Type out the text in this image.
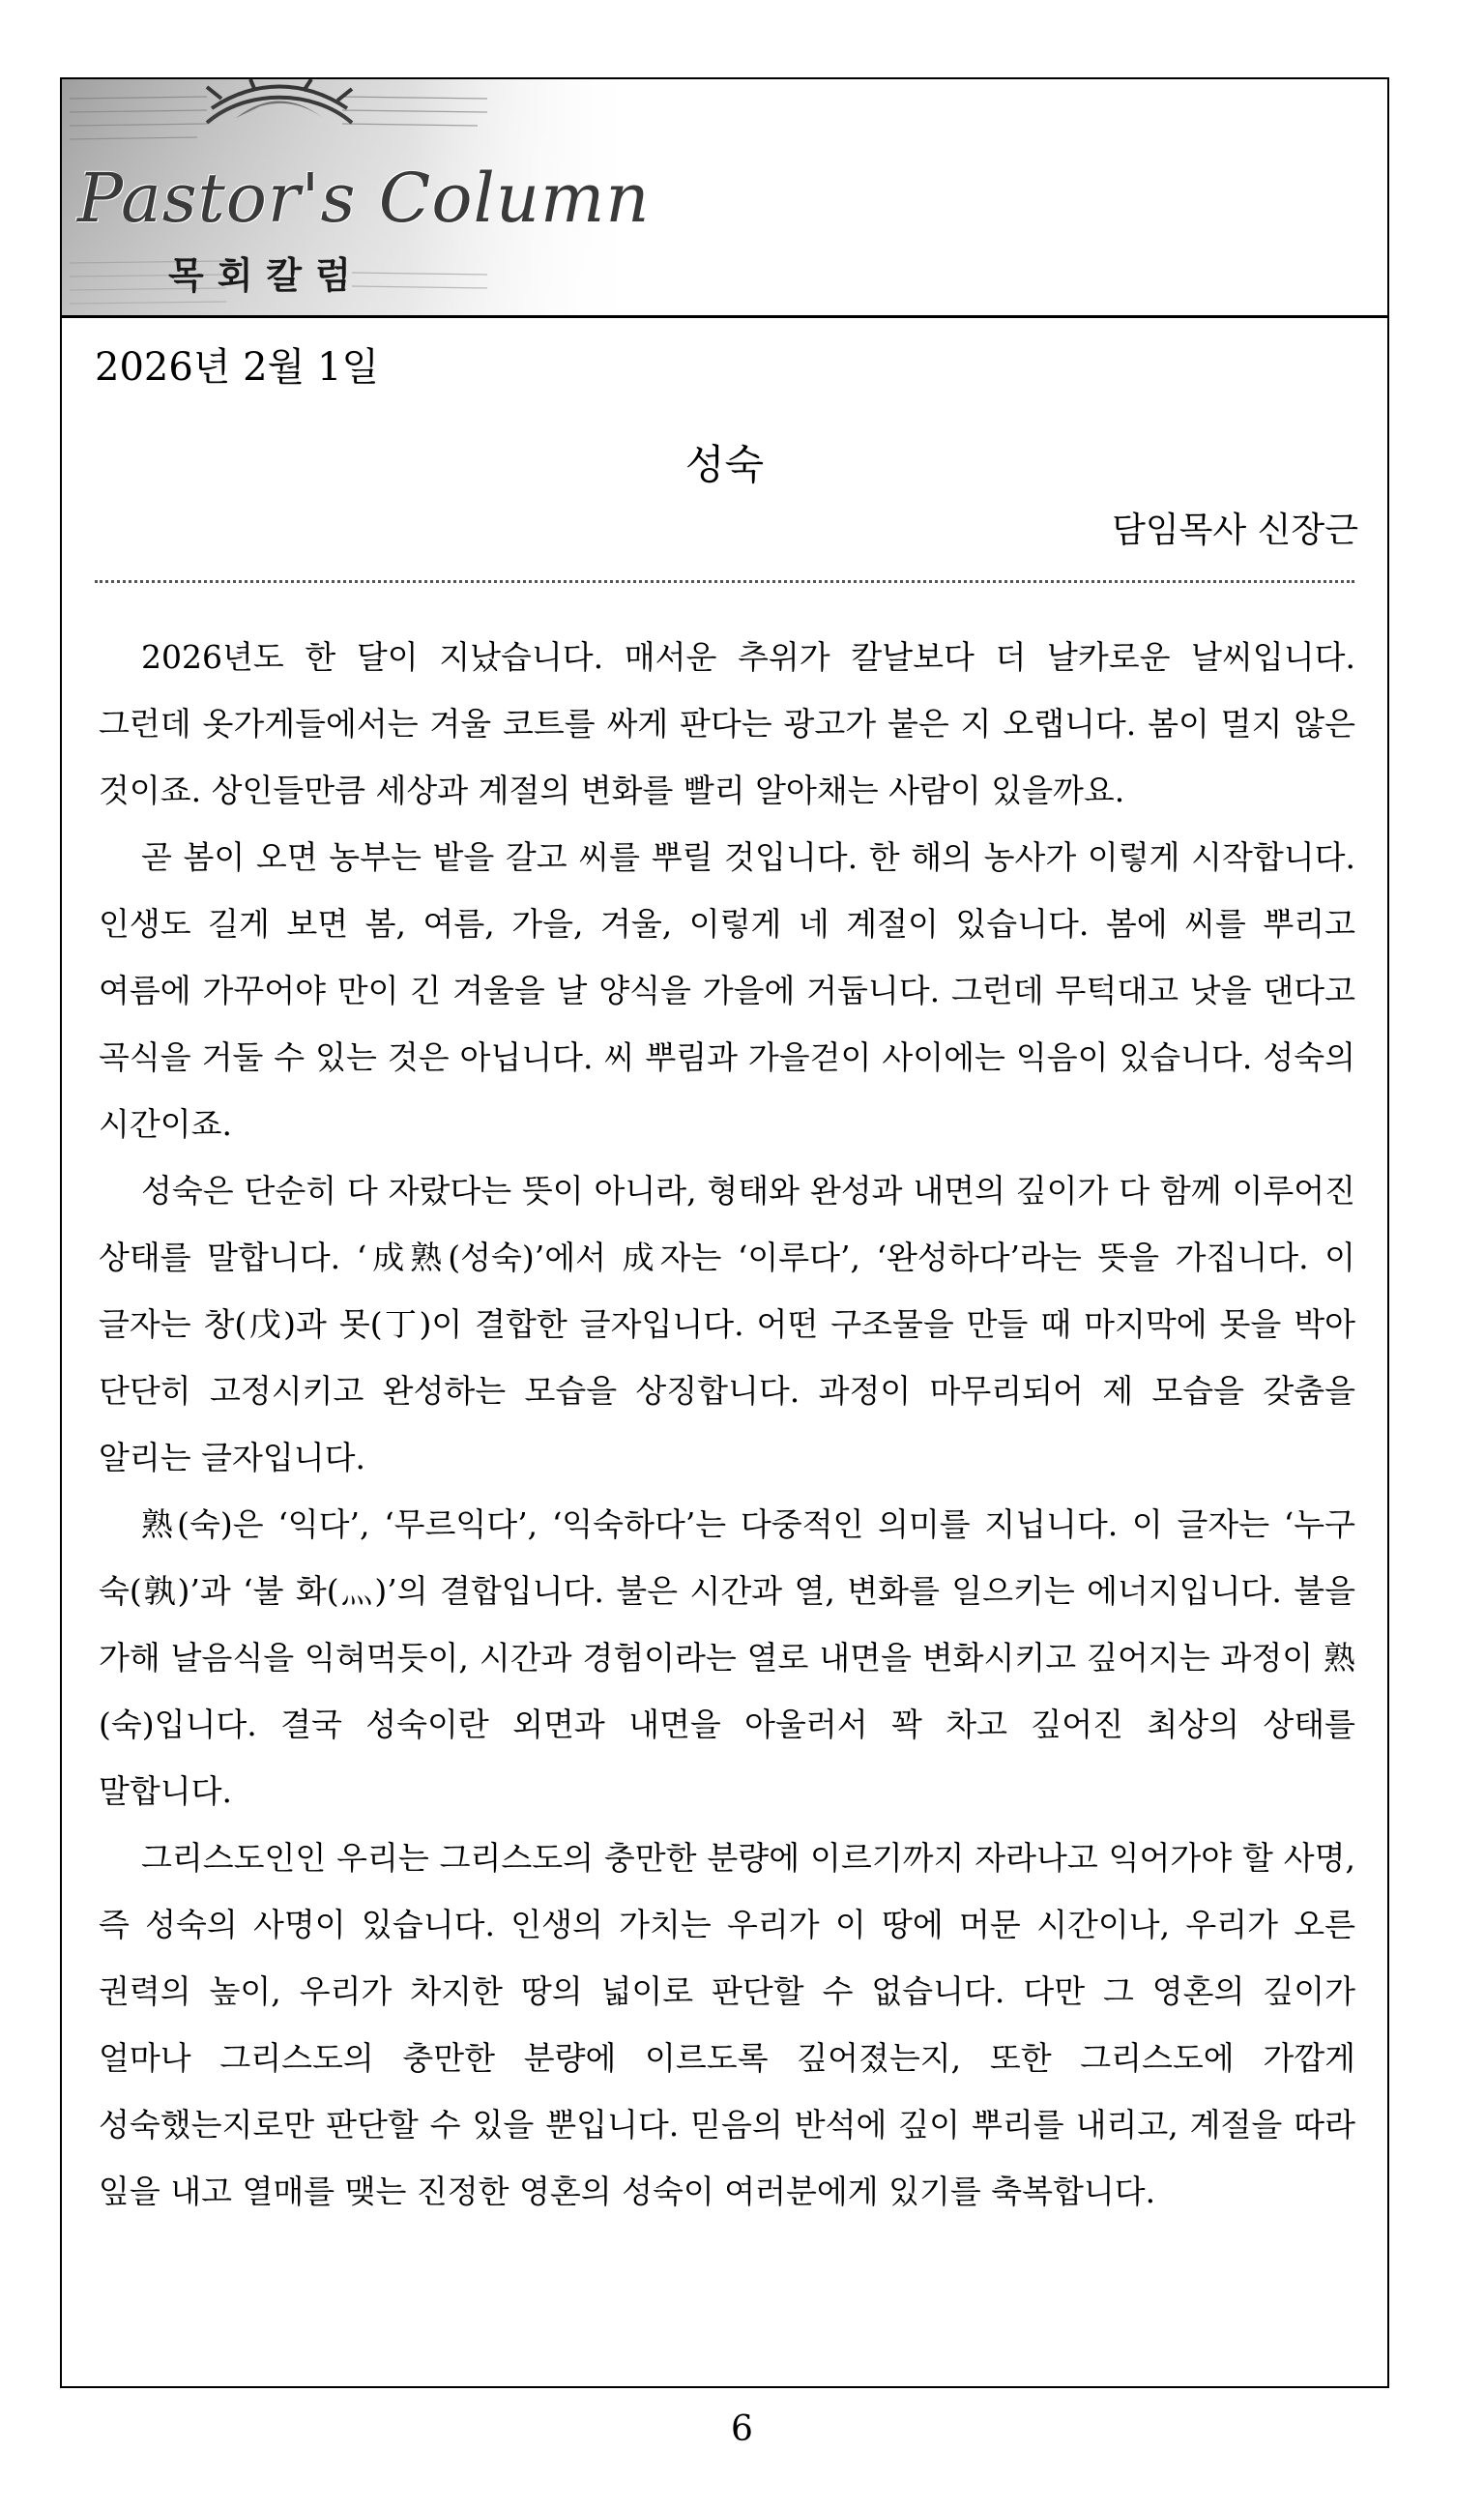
Pastor's Column
목회칼럼
2026년 2월 1일
성숙
담임목사 신장근

2026년도 한 달이 지났습니다. 매서운 추위가 칼날보다 더 날카로운 날씨입니다. 그런데 옷가게들에서는 겨울 코트를 싸게 판다는 광고가 붙은 지 오랩니다. 봄이 멀지 않은 것이죠. 상인들만큼 세상과 계절의 변화를 빨리 알아채는 사람이 있을까요.

곧 봄이 오면 농부는 밭을 갈고 씨를 뿌릴 것입니다. 한 해의 농사가 이렇게 시작합니다. 인생도 길게 보면 봄, 여름, 가을, 겨울, 이렇게 네 계절이 있습니다. 봄에 씨를 뿌리고 여름에 가꾸어야 만이 긴 겨울을 날 양식을 가을에 거둡니다. 그런데 무턱대고 낫을 댄다고 곡식을 거둘 수 있는 것은 아닙니다. 씨 뿌림과 가을걷이 사이에는 익음이 있습니다. 성숙의 시간이죠.

성숙은 단순히 다 자랐다는 뜻이 아니라, 형태와 완성과 내면의 깊이가 다 함께 이루어진 상태를 말합니다. ‘成熟(성숙)’에서 成자는 ‘이루다’, ‘완성하다’라는 뜻을 가집니다. 이 글자는 창(戊)과 못(丁)이 결합한 글자입니다. 어떤 구조물을 만들 때 마지막에 못을 박아 단단히 고정시키고 완성하는 모습을 상징합니다. 과정이 마무리되어 제 모습을 갖춤을 알리는 글자입니다.

熟(숙)은 ‘익다’, ‘무르익다’, ‘익숙하다’는 다중적인 의미를 지닙니다. 이 글자는 ‘누구 숙(孰)’과 ‘불 화(灬)’의 결합입니다. 불은 시간과 열, 변화를 일으키는 에너지입니다. 불을 가해 날음식을 익혀먹듯이, 시간과 경험이라는 열로 내면을 변화시키고 깊어지는 과정이 熟(숙)입니다. 결국 성숙이란 외면과 내면을 아울러서 꽉 차고 깊어진 최상의 상태를 말합니다.

그리스도인인 우리는 그리스도의 충만한 분량에 이르기까지 자라나고 익어가야 할 사명, 즉 성숙의 사명이 있습니다. 인생의 가치는 우리가 이 땅에 머문 시간이나, 우리가 오른 권력의 높이, 우리가 차지한 땅의 넓이로 판단할 수 없습니다. 다만 그 영혼의 깊이가 얼마나 그리스도의 충만한 분량에 이르도록 깊어졌는지, 또한 그리스도에 가깝게 성숙했는지로만 판단할 수 있을 뿐입니다. 믿음의 반석에 깊이 뿌리를 내리고, 계절을 따라 잎을 내고 열매를 맺는 진정한 영혼의 성숙이 여러분에게 있기를 축복합니다.

6
